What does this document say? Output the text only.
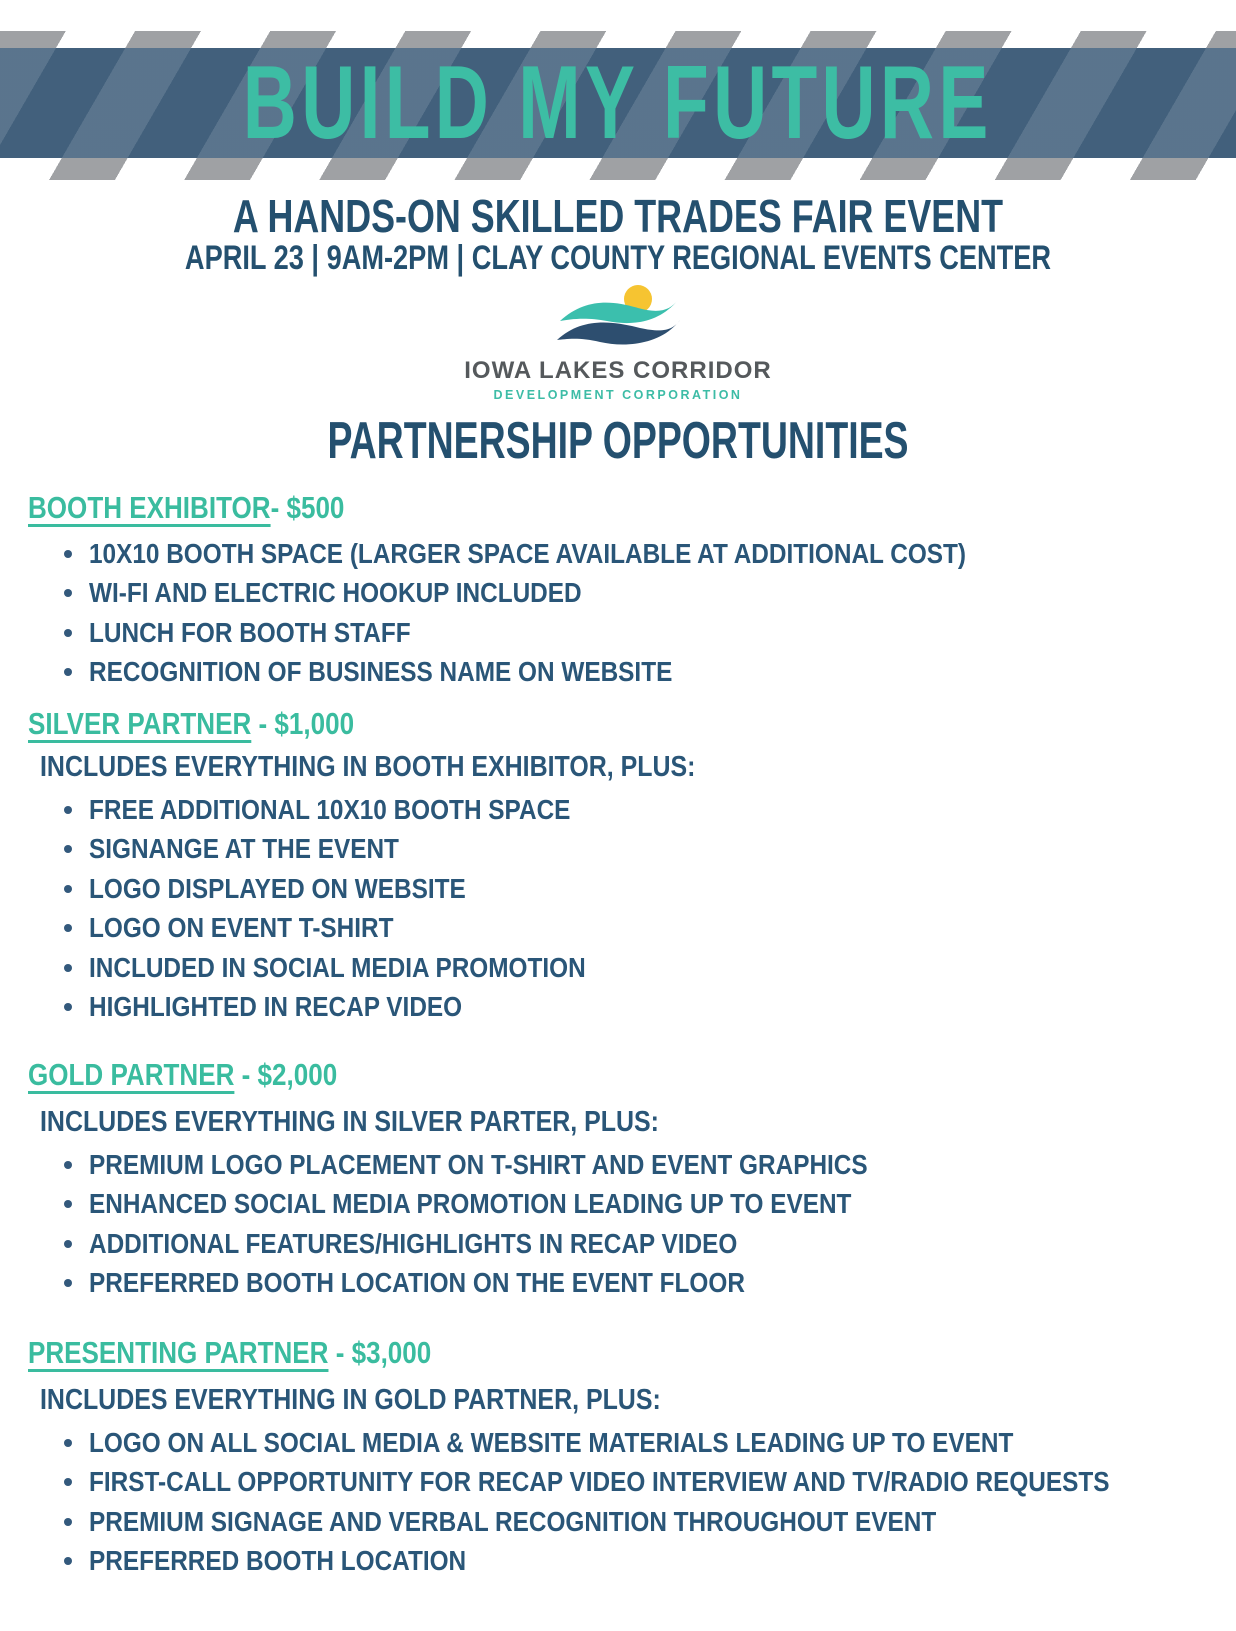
BUILD MY FUTURE
A HANDS-ON SKILLED TRADES FAIR EVENT
APRIL 23 | 9AM-2PM | CLAY COUNTY REGIONAL EVENTS CENTER
IOWA LAKES CORRIDOR
DEVELOPMENT CORPORATION
PARTNERSHIP OPPORTUNITIES
BOOTH EXHIBITOR- $500
10X10 BOOTH SPACE (LARGER SPACE AVAILABLE AT ADDITIONAL COST)
WI-FI AND ELECTRIC HOOKUP INCLUDED
LUNCH FOR BOOTH STAFF
RECOGNITION OF BUSINESS NAME ON WEBSITE
SILVER PARTNER - $1,000
INCLUDES EVERYTHING IN BOOTH EXHIBITOR, PLUS:
FREE ADDITIONAL 10X10 BOOTH SPACE
SIGNANGE AT THE EVENT
LOGO DISPLAYED ON WEBSITE
LOGO ON EVENT T-SHIRT
INCLUDED IN SOCIAL MEDIA PROMOTION
HIGHLIGHTED IN RECAP VIDEO
GOLD PARTNER - $2,000
INCLUDES EVERYTHING IN SILVER PARTER, PLUS:
PREMIUM LOGO PLACEMENT ON T-SHIRT AND EVENT GRAPHICS
ENHANCED SOCIAL MEDIA PROMOTION LEADING UP TO EVENT
ADDITIONAL FEATURES/HIGHLIGHTS IN RECAP VIDEO
PREFERRED BOOTH LOCATION ON THE EVENT FLOOR
PRESENTING PARTNER - $3,000
INCLUDES EVERYTHING IN GOLD PARTNER, PLUS:
LOGO ON ALL SOCIAL MEDIA & WEBSITE MATERIALS LEADING UP TO EVENT
FIRST-CALL OPPORTUNITY FOR RECAP VIDEO INTERVIEW AND TV/RADIO REQUESTS
PREMIUM SIGNAGE AND VERBAL RECOGNITION THROUGHOUT EVENT
PREFERRED BOOTH LOCATION
